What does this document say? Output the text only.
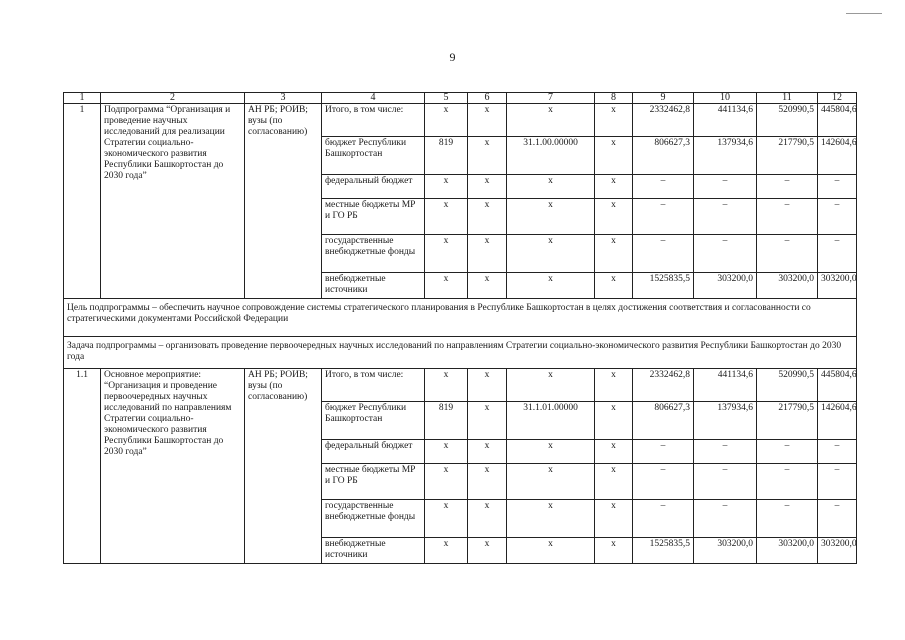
9
1	2	3	4	5	6	7	8	9	10	11	12
1	Подпрограмма “Организация и проведение научных исследований для реализации Стратегии социально-экономического развития Республики Башкортостан до 2030 года”	АН РБ; РОИВ; вузы (по согласованию)	Итого, в том числе:	x	x	x	x	2332462,8	441134,6	520990,5	445804,6
			бюджет Республики Башкортостан	819	x	31.1.00.00000	x	806627,3	137934,6	217790,5	142604,6
			федеральный бюджет	x	x	x	x	–	–	–	–
			местные бюджеты МР и ГО РБ	x	x	x	x	–	–	–	–
			государственные внебюджетные фонды	x	x	x	x	–	–	–	–
			внебюджетные источники	x	x	x	x	1525835,5	303200,0	303200,0	303200,0
Цель подпрограммы – обеспечить научное сопровождение системы стратегического планирования в Республике Башкортостан в целях достижения соответствия и согласованности со стратегическими документами Российской Федерации											
Задача подпрограммы – организовать проведение первоочередных научных исследований по направлениям Стратегии социально-экономического развития Республики Башкортостан до 2030 года											
1.1	Основное мероприятие: “Организация и проведение первоочередных научных исследований по направлениям Стратегии социально-экономического развития Республики Башкортостан до 2030 года”	АН РБ; РОИВ; вузы (по согласованию)	Итого, в том числе:	x	x	x	x	2332462,8	441134,6	520990,5	445804,6
			бюджет Республики Башкортостан	819	x	31.1.01.00000	x	806627,3	137934,6	217790,5	142604,6
			федеральный бюджет	x	x	x	x	–	–	–	–
			местные бюджеты МР и ГО РБ	x	x	x	x	–	–	–	–
			государственные внебюджетные фонды	x	x	x	x	–	–	–	–
			внебюджетные источники	x	x	x	x	1525835,5	303200,0	303200,0	303200,0
